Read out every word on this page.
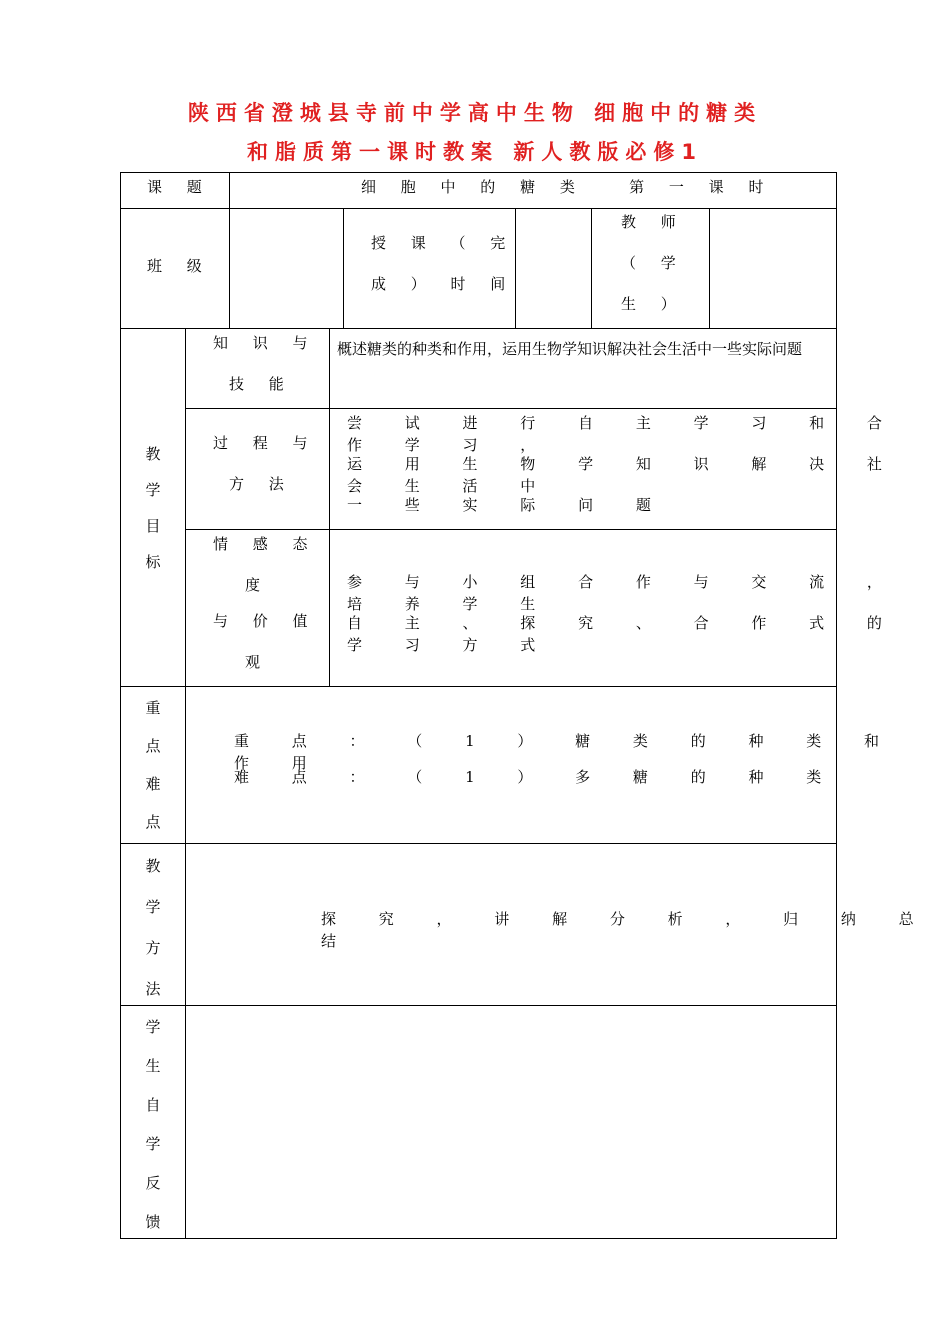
陕西省澄城县寺前中学高中生物 细胞中的糖类
和脂质第一课时教案 新人教版必修1
课 题	细 胞 中 的 糖 类   第 一 课 时
班 级
授 课 （ 完
成 ） 时 间
教 师
（ 学
生 ）
教
学
目
标
知 识 与
技 能
概述糖类的种类和作用，运用生物学知识解决社会生活中一些实际问题
过 程 与
方 法
尝 试 进 行 自 主 学 习 和 合 作 学 习 ，
运 用 生 物 学 知 识 解 决 社 会 生 活 中
一 些 实 际 问 题
情 感 态
度
与 价 值
观
参 与 小 组 合 作 与 交 流 ， 培 养 学 生
自 主 、 探 究 、 合 作 式 的 学 习 方 式
重
点
难
点
重 点 ： （ 1 ） 糖 类 的 种 类 和 作 用
难 点 ： （ 1 ） 多 糖 的 种 类
教
学
方
法
探 究 ， 讲 解 分 析 ， 归 纳 总 结
学
生
自
学
反
馈
